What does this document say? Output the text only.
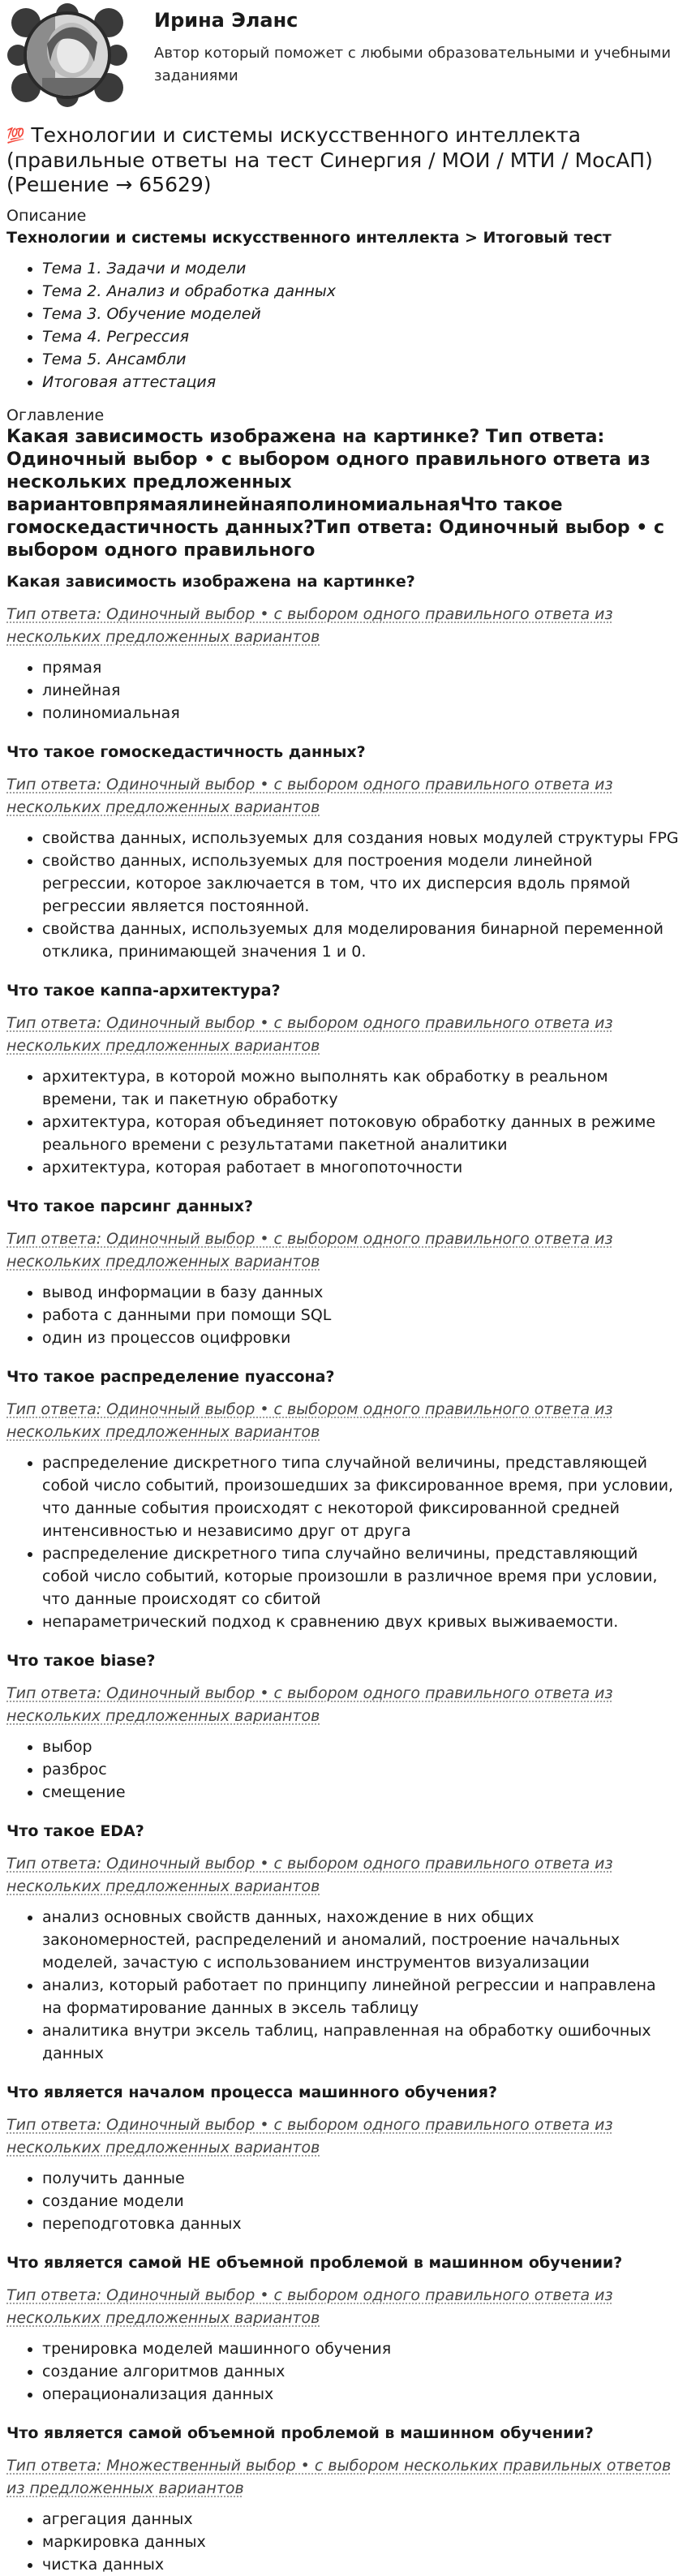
Ирина Эланс
Автор который поможет с любыми образовательными и учебными заданиями
💯 Технологии и системы искусственного интеллекта (правильные ответы на тест Синергия / МОИ / МТИ / МосАП) (Решение → 65629)
Описание
Технологии и системы искусственного интеллекта > Итоговый тест
• Тема 1. Задачи и модели
• Тема 2. Анализ и обработка данных
• Тема 3. Обучение моделей
• Тема 4. Регрессия
• Тема 5. Ансамбли
• Итоговая аттестация
Оглавление
Какая зависимость изображена на картинке? Тип ответа: Одиночный выбор • с выбором одного правильного ответа из нескольких предложенных вариантовпрямаялинейнаяполиномиальнаяЧто такое гомоскедастичность данных?Тип ответа: Одиночный выбор • с выбором одного правильного
Какая зависимость изображена на картинке?
Тип ответа: Одиночный выбор • с выбором одного правильного ответа из нескольких предложенных вариантов
• прямая
• линейная
• полиномиальная
Что такое гомоскедастичность данных?
Тип ответа: Одиночный выбор • с выбором одного правильного ответа из нескольких предложенных вариантов
• свойства данных, используемых для создания новых модулей структуры FPG
• свойство данных, используемых для построения модели линейной регрессии, которое заключается в том, что их дисперсия вдоль прямой регрессии является постоянной.
• свойства данных, используемых для моделирования бинарной переменной отклика, принимающей значения 1 и 0.
Что такое каппа-архитектура?
Тип ответа: Одиночный выбор • с выбором одного правильного ответа из нескольких предложенных вариантов
• архитектура, в которой можно выполнять как обработку в реальном времени, так и пакетную обработку
• архитектура, которая объединяет потоковую обработку данных в режиме реального времени с результатами пакетной аналитики
• архитектура, которая работает в многопоточности
Что такое парсинг данных?
Тип ответа: Одиночный выбор • с выбором одного правильного ответа из нескольких предложенных вариантов
• вывод информации в базу данных
• работа с данными при помощи SQL
• один из процессов оцифровки
Что такое распределение пуассона?
Тип ответа: Одиночный выбор • с выбором одного правильного ответа из нескольких предложенных вариантов
• распределение дискретного типа случайной величины, представляющей собой число событий, произошедших за фиксированное время, при условии, что данные события происходят с некоторой фиксированной средней интенсивностью и независимо друг от друга
• распределение дискретного типа случайно величины, представляющий собой число событий, которые произошли в различное время при условии, что данные происходят со сбитой
• непараметрический подход к сравнению двух кривых выживаемости.
Что такое biase?
Тип ответа: Одиночный выбор • с выбором одного правильного ответа из нескольких предложенных вариантов
• выбор
• разброс
• смещение
Что такое EDA?
Тип ответа: Одиночный выбор • с выбором одного правильного ответа из нескольких предложенных вариантов
• анализ основных свойств данных, нахождение в них общих закономерностей, распределений и аномалий, построение начальных моделей, зачастую с использованием инструментов визуализации
• анализ, который работает по принципу линейной регрессии и направлена на форматирование данных в эксель таблицу
• аналитика внутри эксель таблиц, направленная на обработку ошибочных данных
Что является началом процесса машинного обучения?
Тип ответа: Одиночный выбор • с выбором одного правильного ответа из нескольких предложенных вариантов
• получить данные
• создание модели
• переподготовка данных
Что является самой НЕ объемной проблемой в машинном обучении?
Тип ответа: Одиночный выбор • с выбором одного правильного ответа из нескольких предложенных вариантов
• тренировка моделей машинного обучения
• создание алгоритмов данных
• операционализация данных
Что является самой объемной проблемой в машинном обучении?
Тип ответа: Множественный выбор • с выбором нескольких правильных ответов из предложенных вариантов
• агрегация данных
• маркировка данных
• чистка данных
